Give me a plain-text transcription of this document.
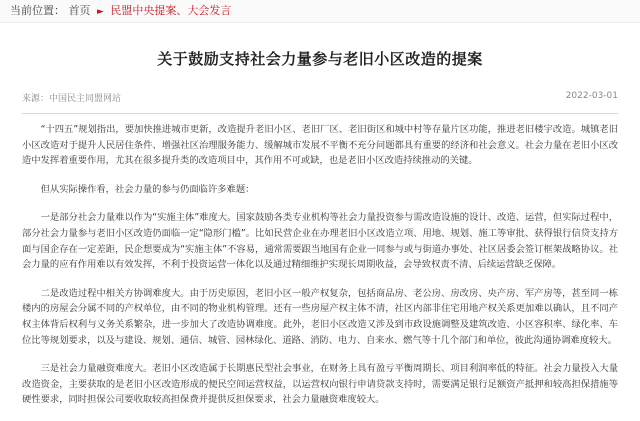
当前位置： 首页 ► 民盟中央提案、大会发言
关于鼓励支持社会力量参与老旧小区改造的提案
来源：中国民主同盟网站	2022-03-01

“十四五”规划指出，要加快推进城市更新，改造提升老旧小区、老旧厂区、老旧街区和城中村等存量片区功能，推进老旧楼宇改造。城镇老旧小区改造对于提升人民居住条件、增强社区治理服务能力、缓解城市发展不平衡不充分问题都具有重要的经济和社会意义。社会力量在老旧小区改造中发挥着重要作用，尤其在很多提升类的改造项目中，其作用不可或缺，也是老旧小区改造持续推动的关键。

但从实际操作看，社会力量的参与仍面临许多难题：

一是部分社会力量难以作为“实施主体”难度大。国家鼓励各类专业机构等社会力量投资参与需改造设施的设计、改造、运营，但实际过程中，部分社会力量参与老旧小区改造仍面临一定“隐形门槛”。比如民营企业在办理老旧小区改造立项、用地、规划、施工等审批、获得银行信贷支持方面与国企存在一定差距，民企想要成为“实施主体”不容易，通常需要跟当地国有企业一同参与或与街道办事处、社区居委会签订框架战略协议。社会力量的应有作用难以有效发挥，不利于投资运营一体化以及通过精细维护实现长周期收益，会导致权责不清、后续运营缺乏保障。

二是改造过程中相关方协调难度大。由于历史原因，老旧小区一般产权复杂，包括商品房、老公房、房改房、央产房、军产房等，甚至同一栋楼内的房屋会分属不同的产权单位，由不同的物业机构管理。还有一些房屋产权主体不清，社区内部非住宅用地产权关系更加难以确认，且不同产权主体背后权利与义务关系繁杂，进一步加大了改造协调难度。此外，老旧小区改造又涉及到市政设施调整及建筑改造、小区容积率、绿化率、车位比等规划要求，以及与建设、规划、通信、城管、园林绿化、道路、消防、电力、自来水、燃气等十几个部门和单位，彼此沟通协调难度较大。

三是社会力量融资难度大。老旧小区改造属于长期惠民型社会事业，在财务上具有盈亏平衡周期长、项目利润率低的特征。社会力量投入大量改造资金，主要获取的是老旧小区改造形成的便民空间运营权益，以运营权向银行申请贷款支持时，需要满足银行足额资产抵押和较高担保措施等硬性要求，同时担保公司要收取较高担保费并提供反担保要求，社会力量融资难度较大。
